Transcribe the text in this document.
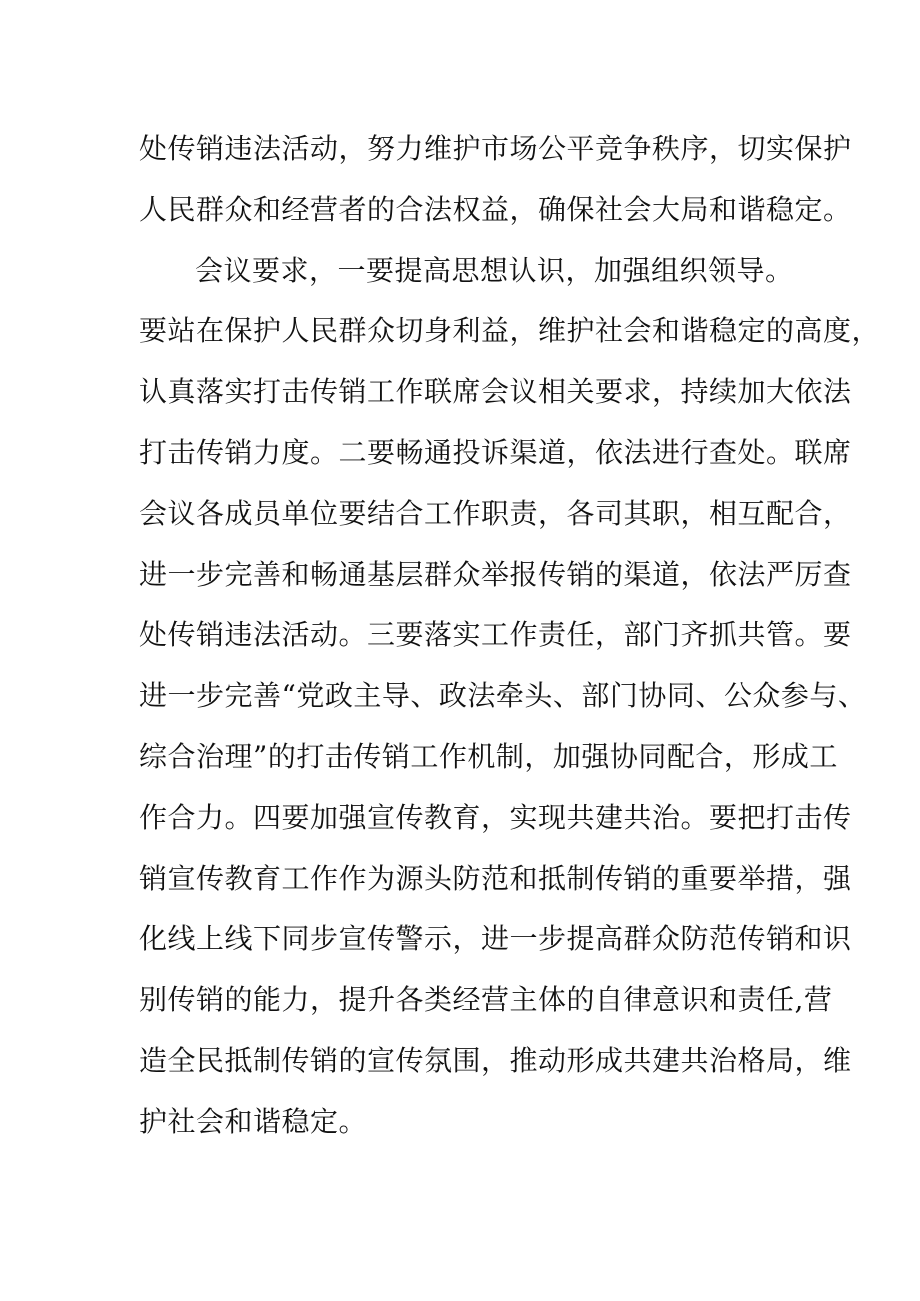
处传销违法活动，努力维护市场公平竞争秩序，切实保护
人民群众和经营者的合法权益，确保社会大局和谐稳定。
会议要求，一要提高思想认识，加强组织领导。
要站在保护人民群众切身利益，维护社会和谐稳定的高度，
认真落实打击传销工作联席会议相关要求，持续加大依法
打击传销力度。二要畅通投诉渠道，依法进行查处。联席
会议各成员单位要结合工作职责，各司其职，相互配合，
进一步完善和畅通基层群众举报传销的渠道，依法严厉查
处传销违法活动。三要落实工作责任，部门齐抓共管。要
进一步完善“党政主导、政法牵头、部门协同、公众参与、
综合治理”的打击传销工作机制，加强协同配合，形成工
作合力。四要加强宣传教育，实现共建共治。要把打击传
销宣传教育工作作为源头防范和抵制传销的重要举措，强
化线上线下同步宣传警示，进一步提高群众防范传销和识
别传销的能力，提升各类经营主体的自律意识和责任,营
造全民抵制传销的宣传氛围，推动形成共建共治格局，维
护社会和谐稳定。
